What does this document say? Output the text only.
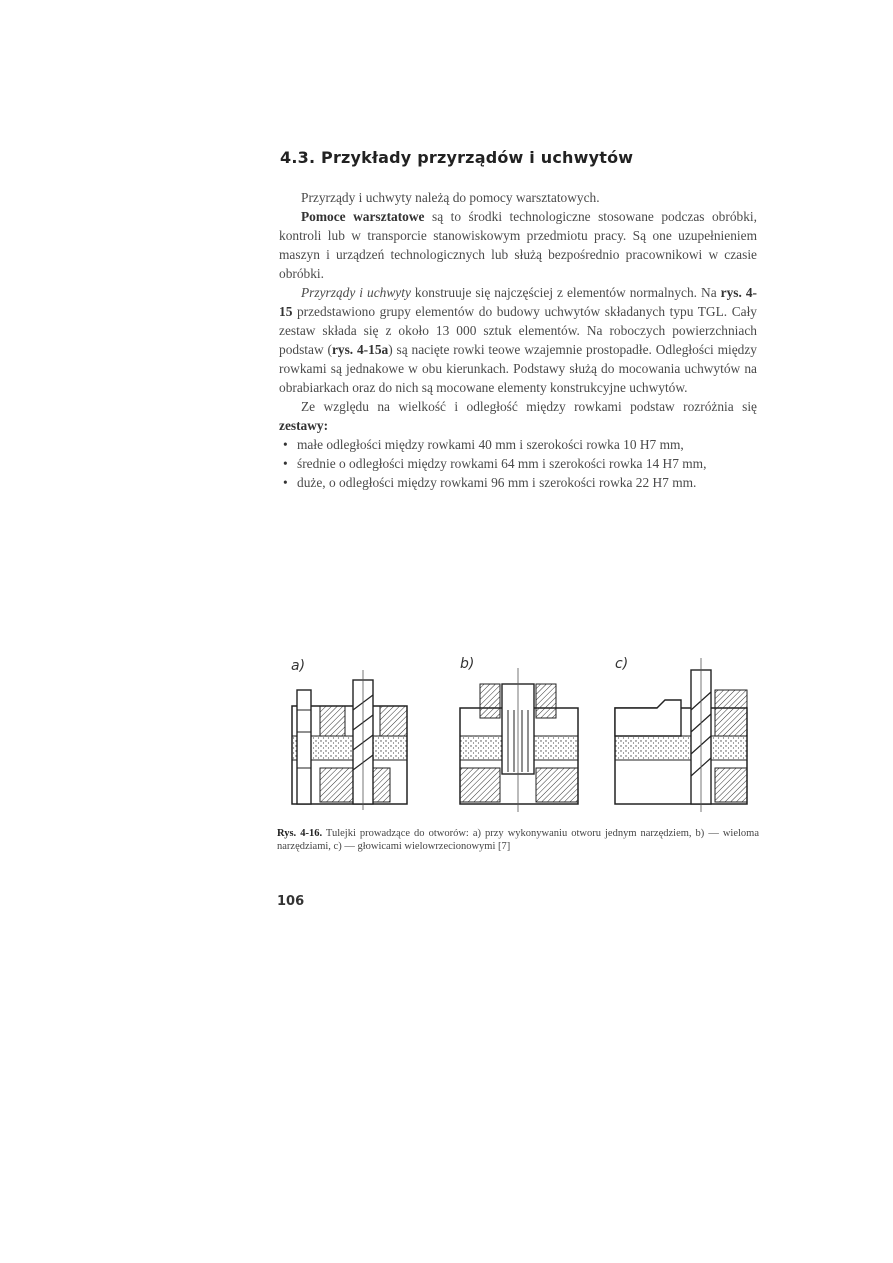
4.3. Przykłady przyrządów i uchwytów

Przyrządy i uchwyty należą do pomocy warsztatowych.

Pomoce warsztatowe są to środki technologiczne stosowane podczas obróbki, kontroli lub w transporcie stanowiskowym przedmiotu pracy. Są one uzupełnieniem maszyn i urządzeń technologicznych lub służą bezpośrednio pracownikowi w czasie obróbki.

Przyrządy i uchwyty konstruuje się najczęściej z elementów normalnych. Na rys. 4-15 przedstawiono grupy elementów do budowy uchwytów składanych typu TGL. Cały zestaw składa się z około 13 000 sztuk elementów. Na roboczych powierzchniach podstaw (rys. 4-15a) są nacięte rowki teowe wzajemnie prostopadłe. Odległości między rowkami są jednakowe w obu kierunkach. Podstawy służą do mocowania uchwytów na obrabiarkach oraz do nich są mocowane elementy konstrukcyjne uchwytów.

Ze względu na wielkość i odległość między rowkami podstaw rozróżnia się zestawy:

• małe odległości między rowkami 40 mm i szerokości rowka 10 H7 mm,
• średnie o odległości między rowkami 64 mm i szerokości rowka 14 H7 mm,
• duże, o odległości między rowkami 96 mm i szerokości rowka 22 H7 mm.
a)	b)	c)
Rys. 4-16. Tulejki prowadzące do otworów: a) przy wykonywaniu otworu jednym narzędziem, b) — wieloma narzędziami, c) — głowicami wielowrzecionowymi [7]
106
